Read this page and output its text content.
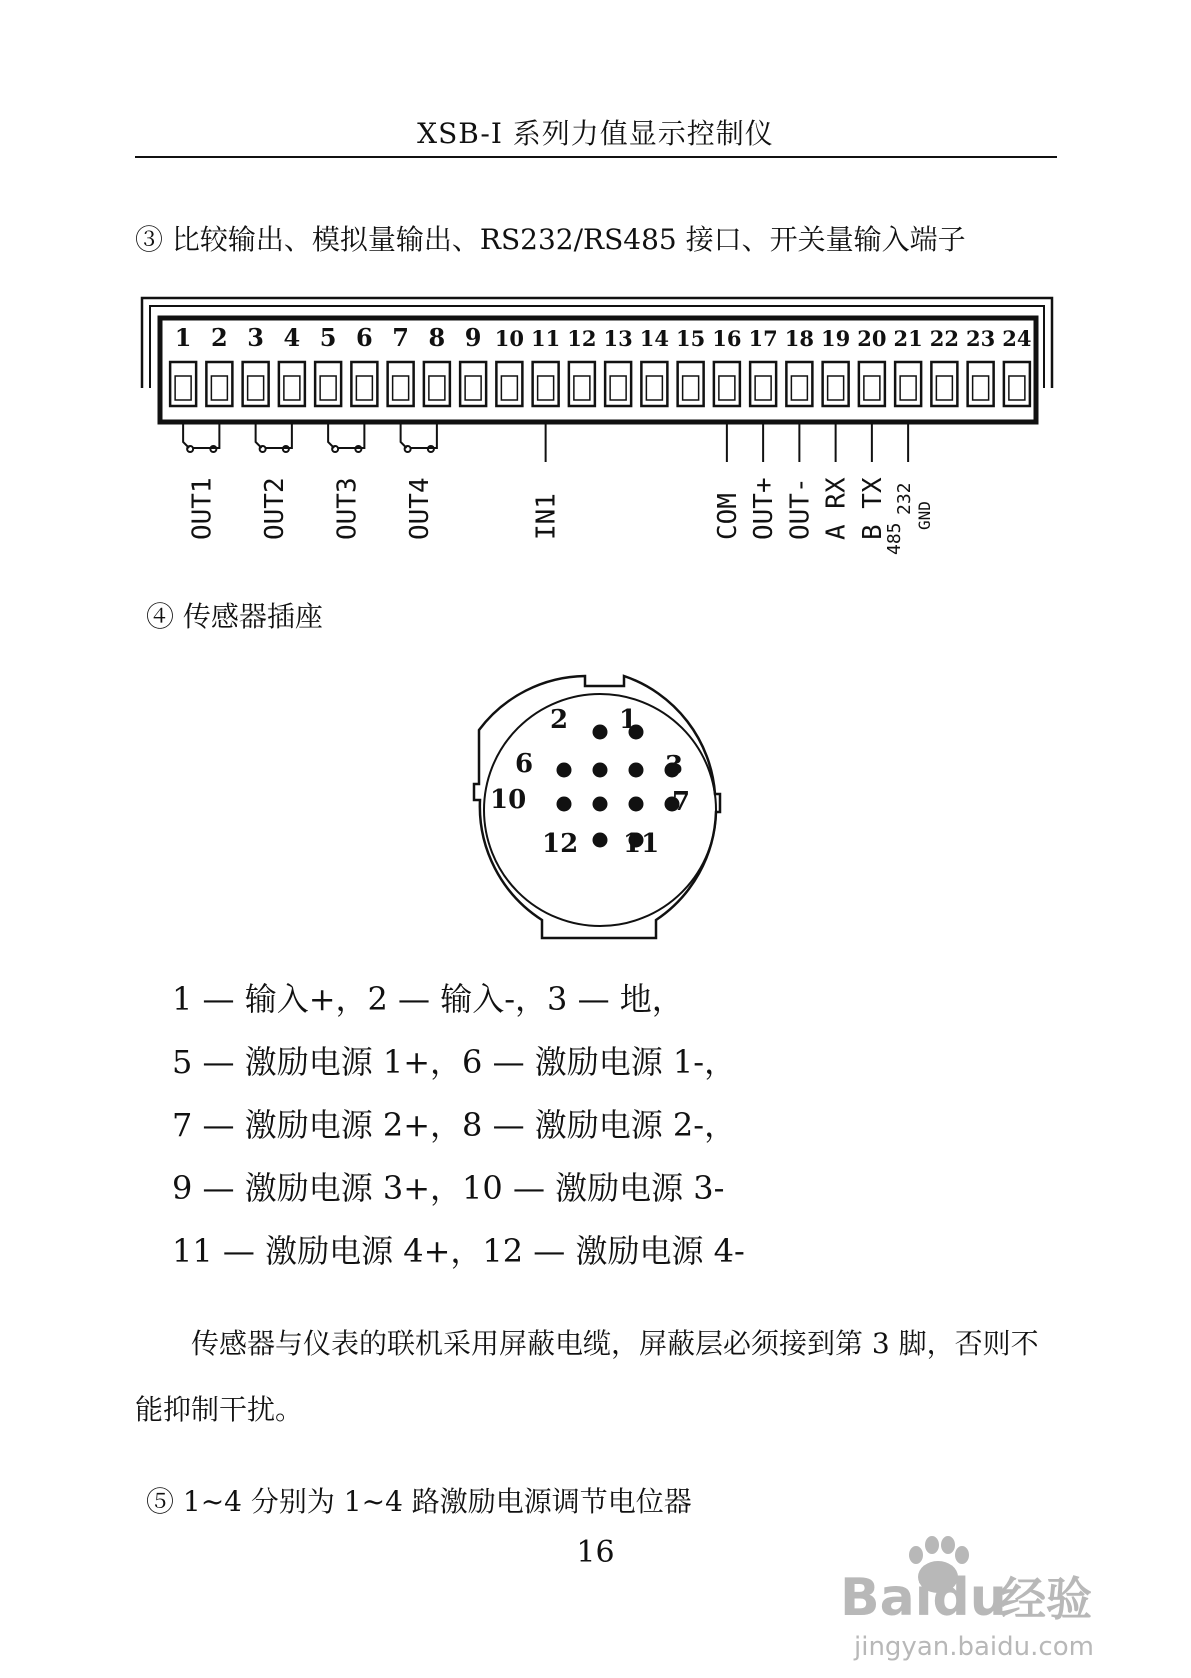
XSB-I 系列力值显示控制仪
③ 比较输出、模拟量输出、RS232/RS485 接口、开关量输入端子
1 2 3 4 5 6 7 8 9 10 11 12 13 14 15 16 17 18 19 20 21 22 23 24
OUT1 OUT2 OUT3 OUT4	IN1	COM OUT+ OUT- A RX B TX
485
232
GND
④ 传感器插座
1
2
3
6
7
10
11
12
1 — 输入+，2 — 输入-，3 — 地，
5 — 激励电源 1+，6 — 激励电源 1-，
7 — 激励电源 2+，8 — 激励电源 2-，
9 — 激励电源 3+，10 — 激励电源 3-
11 — 激励电源 4+，12 — 激励电源 4-
传感器与仪表的联机采用屏蔽电缆，屏蔽层必须接到第 3 脚，否则不能抑制干扰。
⑤ 1~4 分别为 1~4 路激励电源调节电位器
16
Baidu
经验
jingyan.baidu.com
